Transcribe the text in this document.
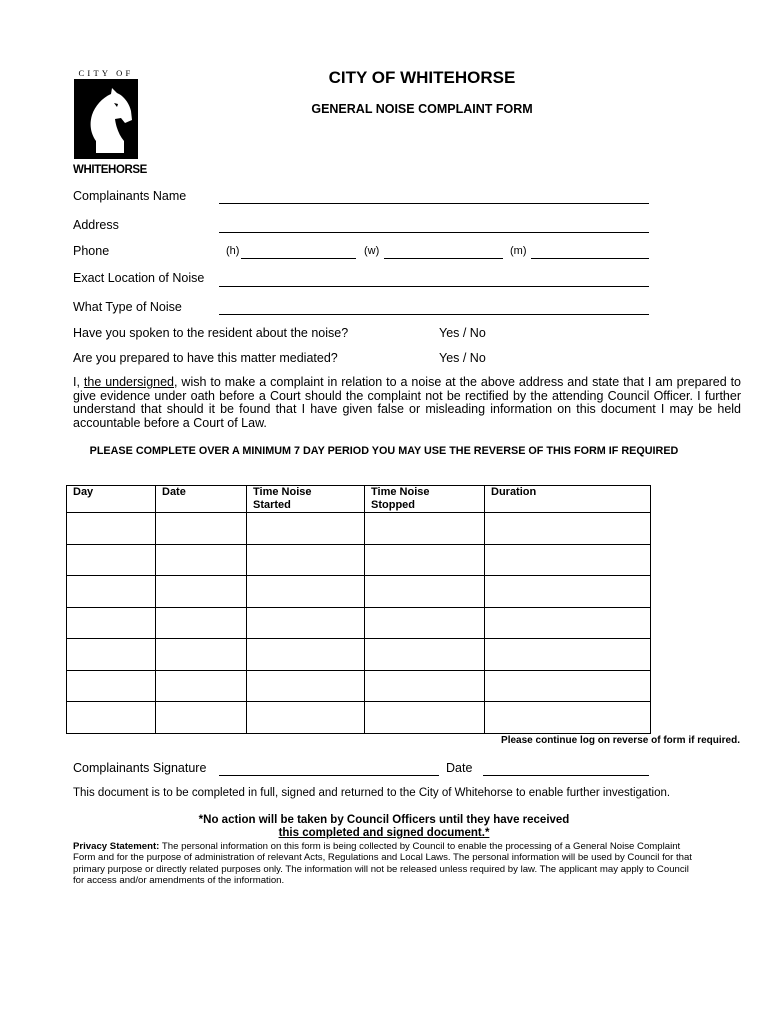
CITY OF
WHITEHORSE
CITY OF WHITEHORSE
GENERAL NOISE COMPLAINT FORM
Complainants Name
Address
Phone	(h)	(w)	(m)
Exact Location of Noise
What Type of Noise
Have you spoken to the resident about the noise?	Yes / No
Are you prepared to have this matter mediated?	Yes / No
I, the undersigned, wish to make a complaint in relation to a noise at the above address and state that I am prepared to give evidence under oath before a Court should the complaint not be rectified by the attending Council Officer. I further understand that should it be found that I have given false or misleading information on this document I may be held accountable before a Court of Law.
PLEASE COMPLETE OVER A MINIMUM 7 DAY PERIOD YOU MAY USE THE REVERSE OF THIS FORM IF REQUIRED
Day	Date	Time Noise Started	Time Noise Stopped	Duration

Please continue log on reverse of form if required.
Complainants Signature	Date
This document is to be completed in full, signed and returned to the City of Whitehorse to enable further investigation.
*No action will be taken by Council Officers until they have received
this completed and signed document.*
Privacy Statement: The personal information on this form is being collected by Council to enable the processing of a General Noise Complaint Form and for the purpose of administration of relevant Acts, Regulations and Local Laws. The personal information will be used by Council for that primary purpose or directly related purposes only. The information will not be released unless required by law. The applicant may apply to Council for access and/or amendments of the information.
